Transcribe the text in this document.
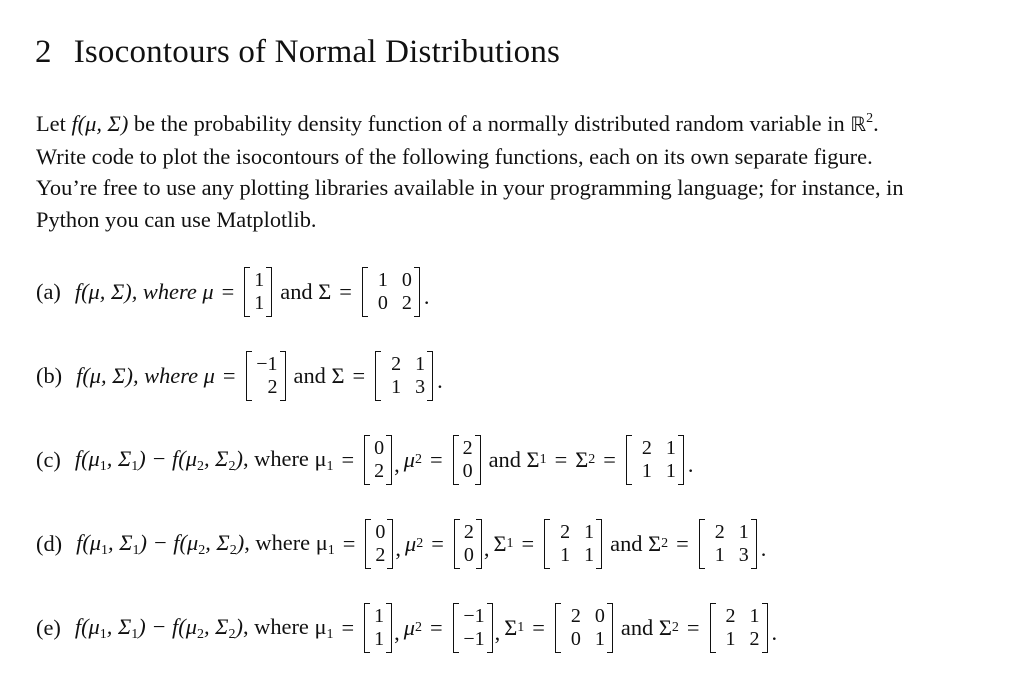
2 Isocontours of Normal Distributions
Let f(μ, Σ) be the probability density function of a normally distributed random variable in ℝ$^2$.
Write code to plot the isocontours of the following functions, each on its own separate figure.
You’re free to use any plotting libraries available in your programming language; for instance, in
Python you can use Matplotlib.
(a) f(μ, Σ), where μ = 1
1 and Σ =	1 0
0 2 .
(b) f(μ, Σ), where μ = −1
2 and Σ =	2 1
1 3 .
(c) $f(\mu_1$, $\Sigma_1) - f(\mu_2$, $\Sigma_2$), where $\mu_1 = 0$
2 , μ 2 = 2
0 and Σ 1 = Σ 2 =	2 1
1 1 .
(d) $f(\mu_1$, $\Sigma_1) - f(\mu_2$, $\Sigma_2$), where $\mu_1 = 0$
2 , μ 2 = 2
0 , Σ 1 =	2 1
1 1 and Σ 2 =	2 1
1 3 .
(e) $f(\mu_1$, $\Sigma_1) - f(\mu_2$, $\Sigma_2$), where $\mu_1 = 1$
1 , μ 2 = −1
−1 , Σ 1 =	2 0
0 1 and Σ 2 =	2 1
1 2 .
